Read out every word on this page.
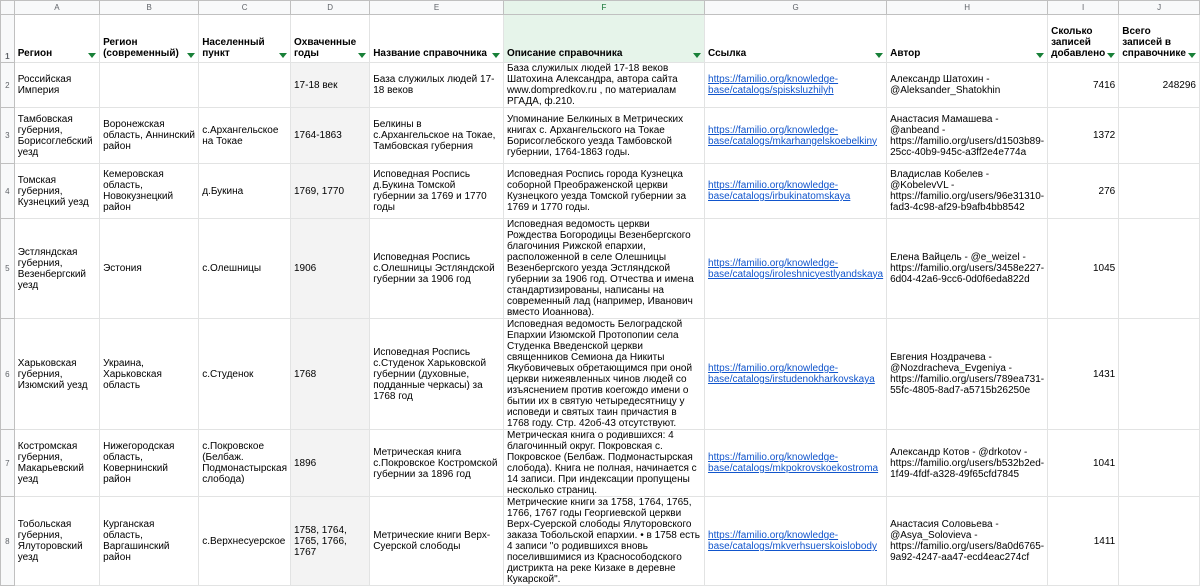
	A	B	C	D	E	F	G	H	I	J
1	Регион	Регион (современный)	Населенный пункт	Охваченные годы	Название справочника	Описание справочника	Ссылка	Автор	Сколько записей добавлено	Всего записей в справочнике

2	Российская Империя			17-18 век	База служилых людей 17-18 веков	База служилых людей 17-18 веков Шатохина Александра, автора сайта www.dompredkov.ru , по материалам РГАДА, ф.210.	https://familio.org/knowledge-base/catalogs/spisksluzhilyh	Александр Шатохин - @Aleksander_Shatokhin	7416	248296
3	Тамбовская губерния, Борисоглебский уезд	Воронежская область, Аннинский район	с.Архангельское на Токае	1764-1863	Белкины в с.Архангельское на Токае, Тамбовская губерния	Упоминание Белкиных в Метрических книгах с. Архангельского на Токае Борисоглебского уезда Тамбовской губернии, 1764-1863 годы.	https://familio.org/knowledge-base/catalogs/mkarhangelskoebelkiny	Анастасия Мамашева - @anbeand - https://familio.org/users/d1503b89-25cc-40b9-945c-a3ff2e4e774a	1372	
4	Томская губерния, Кузнецкий уезд	Кемеровская область, Новокузнецкий район	д.Букина	1769, 1770	Исповедная Роспись д.Букина Томской губернии за 1769 и 1770 годы	Исповедная Роспись города Кузнецка соборной Преображенской церкви Кузнецкого уезда Томской губернии за 1769 и 1770 годы.	https://familio.org/knowledge-base/catalogs/irbukinatomskaya	Владислав Кобелев - @KobelevVL - https://familio.org/users/96e31310-fad3-4c98-af29-b9afb4bb8542	276	
5	Эстляндская губерния, Везенбергский уезд	Эстония	с.Олешницы	1906	Исповедная Роспись с.Олешницы Эстляндской губернии за 1906 год	Исповедная ведомость церкви Рождества Богородицы Везенбергского благочиния Рижской епархии, расположенной в селе Олешницы Везенбергского уезда Эстляндской губернии за 1906 год. Отчества и имена стандартизированы, написаны на современный лад (например, Иванович вместо Иоаннова).	https://familio.org/knowledge-base/catalogs/iroleshnicyestlyandskaya	Елена Вайцель - @e_weizel - https://familio.org/users/3458e227-6d04-42a6-9cc6-0d0f6eda822d	1045	
6	Харьковская губерния, Изюмский уезд	Украина, Харьковская область	с.Студенок	1768	Исповедная Роспись с.Студенок Харьковской губернии (духовные, подданные черкасы) за 1768 год	Исповедная ведомость Белоградской Епархии Изюмской Протопопии села Студенка Введенской церкви священников Семиона да Никиты Якубовичевых обретающимся при оной церкви нижеявленных чинов людей со изъяснением против коегождо имени о бытии их в святую четыредесятницу у исповеди и святых таин причастия в 1768 году. Стр. 42об-43 отсутствуют.	https://familio.org/knowledge-base/catalogs/irstudenokharkovskaya	Евгения Ноздрачева - @Nozdracheva_Evgeniya - https://familio.org/users/789ea731-55fc-4805-8ad7-a5715b26250e	1431	
7	Костромская губерния, Макарьевский уезд	Нижегородская область, Ковернинский район	с.Покровское (Белбаж. Подмонастырская слобода)	1896	Метрическая книга с.Покровское Костромской губернии за 1896 год	Метрическая книга о родившихся: 4 благочинный округ. Покровская с. Покровское (Белбаж. Подмонастырская слобода). Книга не полная, начинается с 14 записи. При индексации пропущены несколько страниц.	https://familio.org/knowledge-base/catalogs/mkpokrovskoekostroma	Александр Котов - @drkotov - https://familio.org/users/b532b2ed-1f49-4fdf-a328-49f65cfd7845	1041	
8	Тобольская губерния, Ялуторовский уезд	Курганская область, Варгашинский район	с.Верхнесуерское	1758, 1764, 1765, 1766, 1767	Метрические книги Верх-Суерской слободы	Метрические книги за 1758, 1764, 1765, 1766, 1767 годы Георгиевской церкви Верх-Суерской слободы Ялуторовского заказа Тобольской епархии. • в 1758 есть 4 записи "о родившихся вновь поселившимися из Красносободского дистрикта на реке Кизаке в деревне Кукарской".	https://familio.org/knowledge-base/catalogs/mkverhsuerskoislobody	Анастасия Соловьева - @Asya_Solovieva - https://familio.org/users/8a0d6765-9a92-4247-aa47-ecd4eac274cf	1411	
